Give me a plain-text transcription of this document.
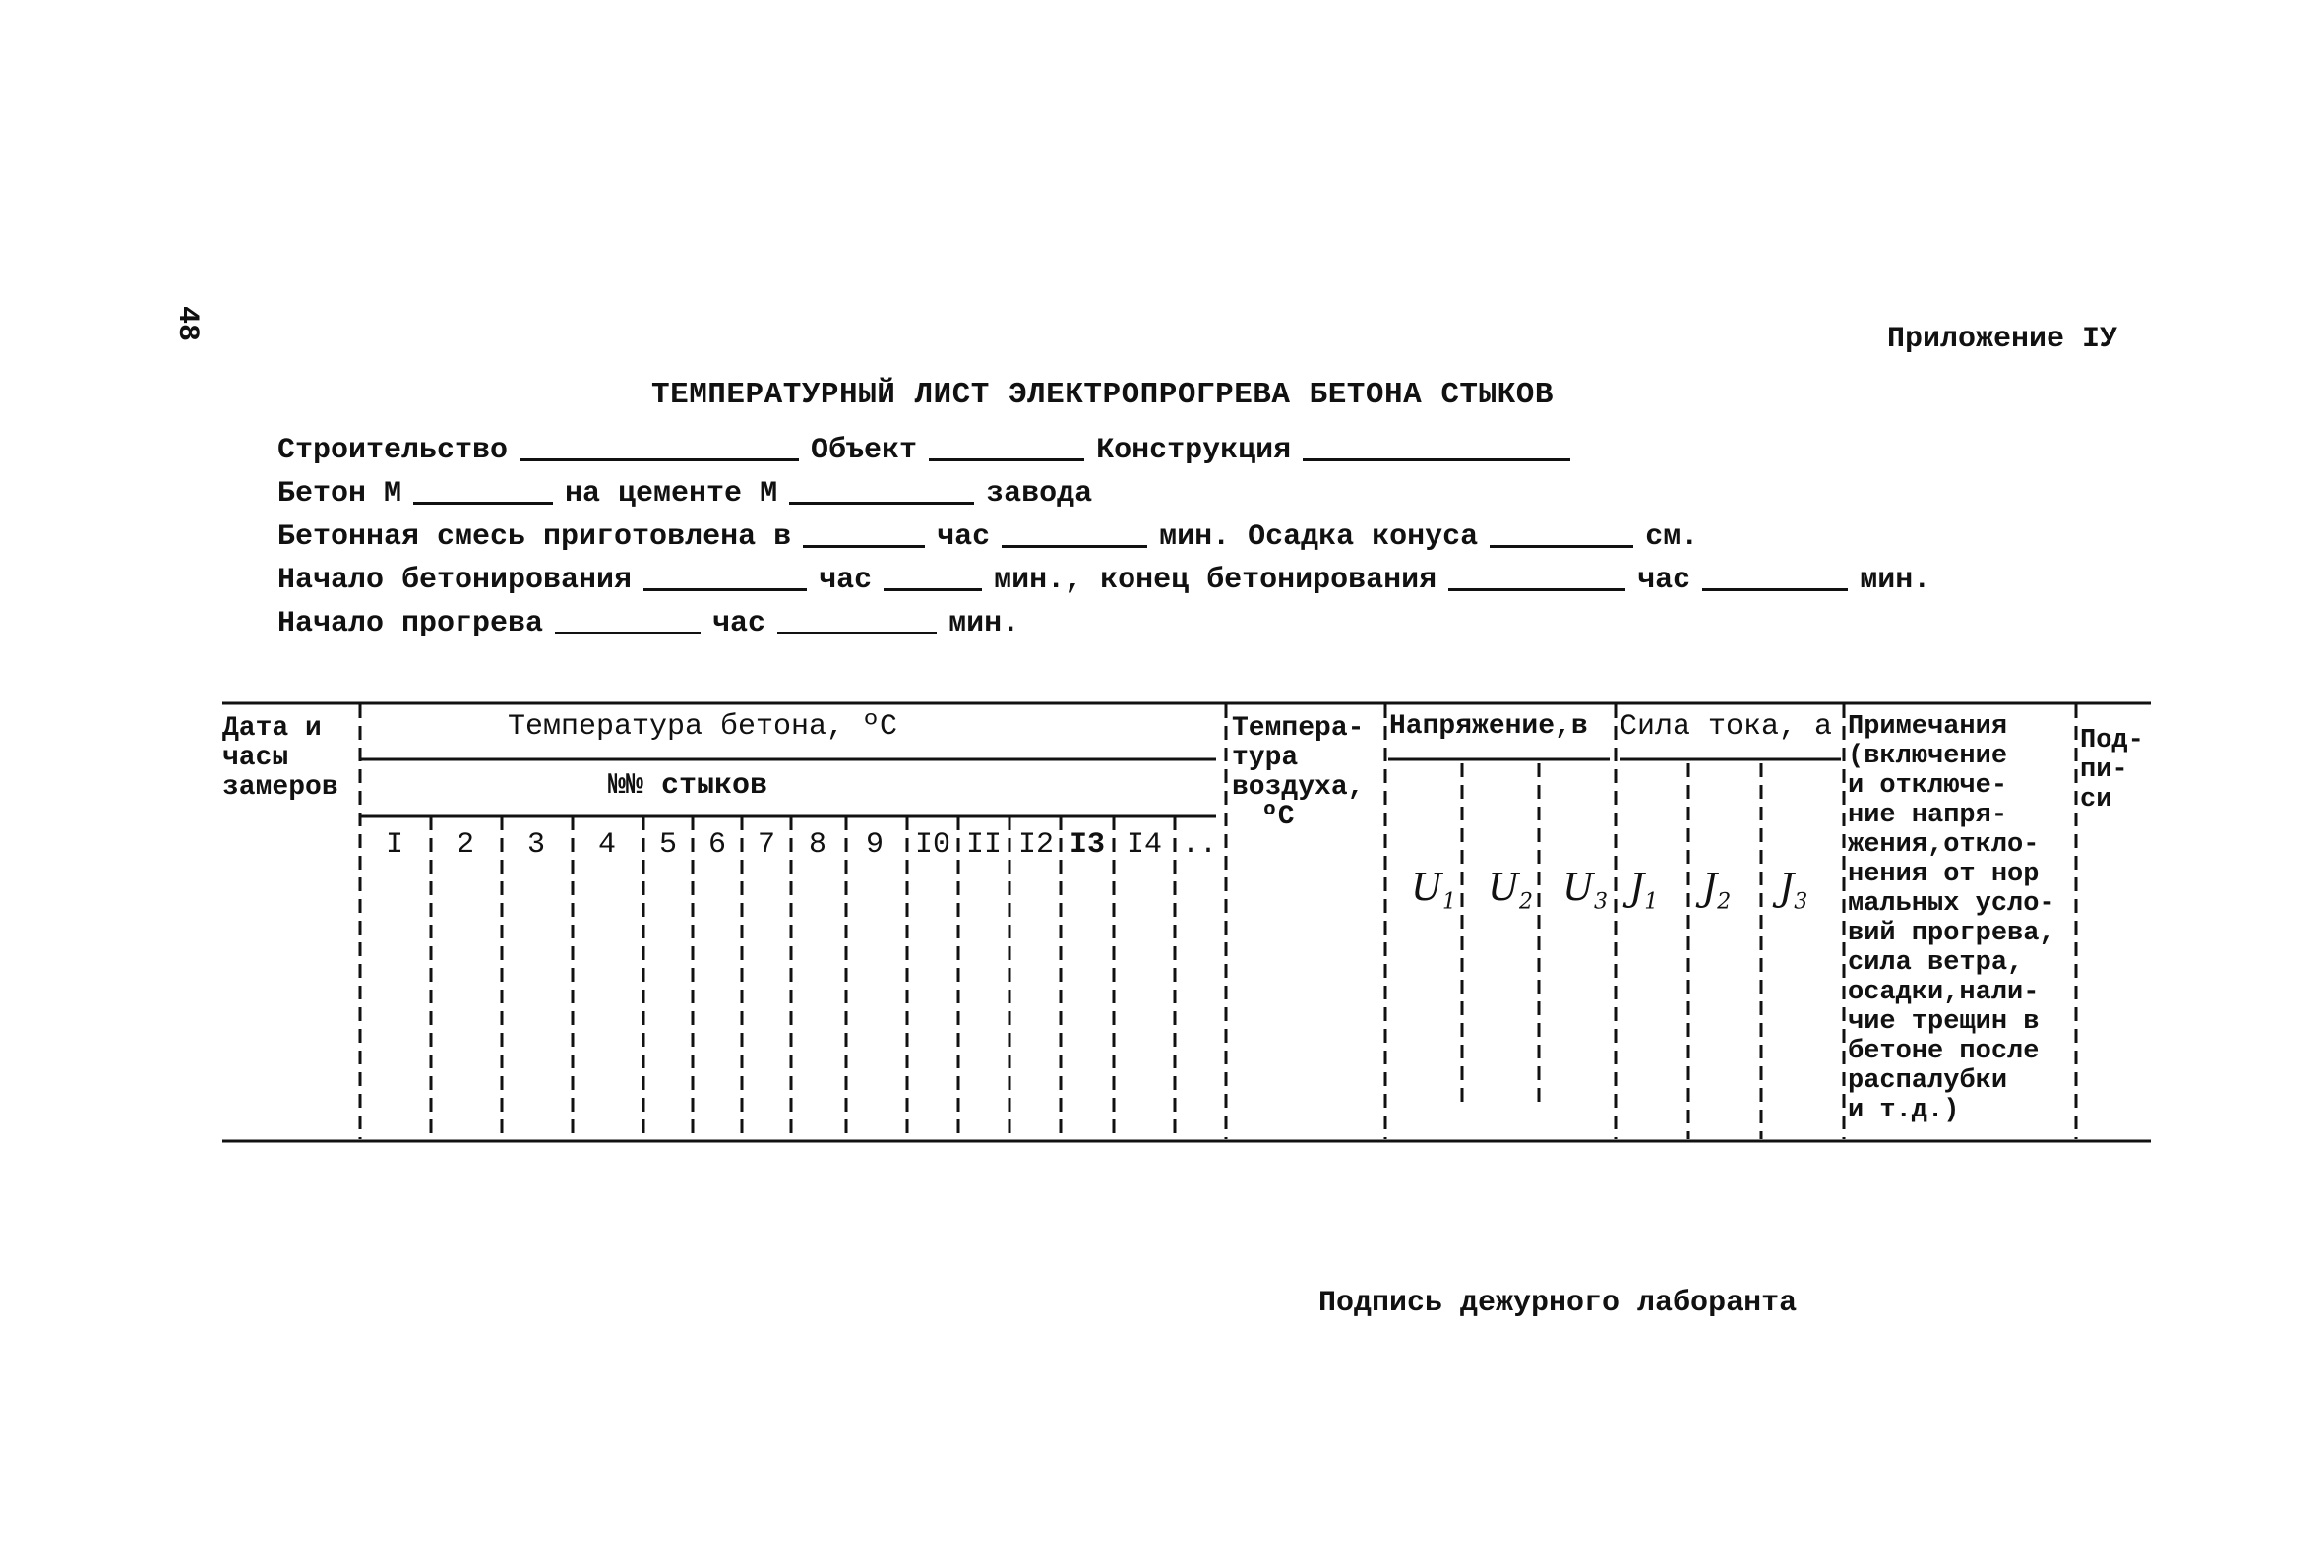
48	Приложение IУ
ТЕМПЕРАТУРНЫЙ ЛИСТ ЭЛЕКТРОПРОГРЕВА БЕТОНА СТЫКОВ
Строительство	Объект	Конструкция
Бетон М	на цементе М	завода
Бетонная смесь приготовлена в	час	мин. Осадка конуса	см.
Начало бетонирования	час	мин., конец бетонирования	час	мин.
Начало прогрева	час	мин.
Дата и
часы
замеров
Температура бетона, ºС
№№ стыков
I	2	3	4	5	6	7	8	9	I0 II I2 I3 I4 ..
Темпера-
тура
воздуха,
ºС
Напряжение,в Сила тока, а
$U_1$ $U_2$ $U_3$ $J_1$ $J_2$ $J_3$
Примечания
(включение
и отключе-
ние напря-
жения,откло-
нения от нор
мальных усло-
вий прогрева,
сила ветра,
осадки,нали-
чие трещин в
бетоне после
распалубки
и т.д.)
Под-
пи-
си
Подпись дежурного лаборанта
